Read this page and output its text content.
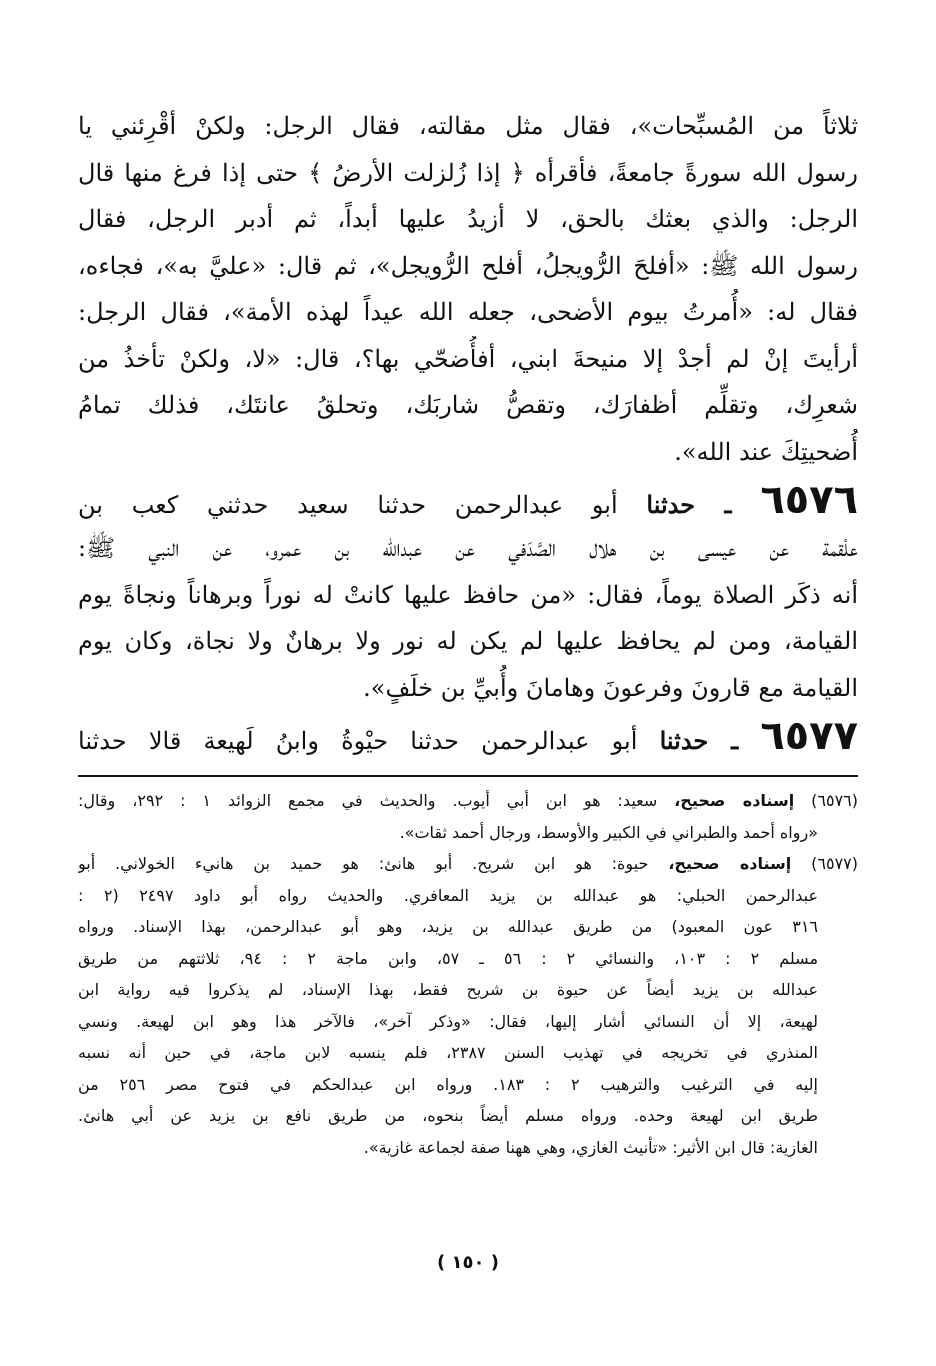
ثلاثاً من المُسبِّحات»، فقال مثل مقالته، فقال الرجل: ولكنْ أقْرِئني يا
رسول الله سورةً جامعةً، فأقرأه ﴿ إذا زُلزلت الأرضُ ﴾ حتى إذا فرغ منها قال
الرجل: والذي بعثك بالحق، لا أزيدُ عليها أبداً، ثم أدبر الرجل، فقال
رسول الله ﷺ: «أفلحَ الرُّويجلُ، أفلح الرُّويجل»، ثم قال: «عليَّ به»، فجاءه،
فقال له: «أُمرتُ بيوم الأضحى، جعله الله عيداً لهذه الأمة»، فقال الرجل:
أرأيتَ إنْ لم أجدْ إلا منيحةَ ابني، أفأُضحّي بها؟، قال: «لا، ولكنْ تأخذُ من
شعرِك، وتقلِّم أظفارَك، وتقصُّ شاربَك، وتحلقُ عانتَك، فذلك تمامُ
أُضحيتِكَ عند الله».
٦٥٧٦ ـ حدثنا أبو عبدالرحمن حدثنا سعيد حدثني كعب بن
علْقمة عن عيسى بن هلال الصَّدَفي عن عبدالله بن عمرو، عن النبي ﷺ:
أنه ذكَر الصلاة يوماً، فقال: «من حافظ عليها كانتْ له نوراً وبرهاناً ونجاةً يوم
القيامة، ومن لم يحافظ عليها لم يكن له نور ولا برهانٌ ولا نجاة، وكان يوم
القيامة مع قارونَ وفرعونَ وهامانَ وأُبيِّ بن خلَفٍ».
٦٥٧٧ ـ حدثنا أبو عبدالرحمن حدثنا حيْوةُ وابنُ لَهيعة قالا حدثنا
(٦٥٧٦) إسناده صحيح، سعيد: هو ابن أبي أيوب. والحديث في مجمع الزوائد ١ : ٢٩٢، وقال:
«رواه أحمد والطبراني في الكبير والأوسط، ورجال أحمد ثقات».
(٦٥٧٧) إسناده صحيح، حيوة: هو ابن شريح. أبو هانئ: هو حميد بن هانيء الخولاني. أبو
عبدالرحمن الحبلي: هو عبدالله بن يزيد المعافري. والحديث رواه أبو داود ٢٤٩٧ (٢ :
٣١٦ عون المعبود) من طريق عبدالله بن يزيد، وهو أبو عبدالرحمن، بهذا الإسناد. ورواه
مسلم ٢ : ١٠٣، والنسائي ٢ : ٥٦ ـ ٥٧، وابن ماجة ٢ : ٩٤، ثلاثتهم من طريق
عبدالله بن يزيد أيضاً عن حيوة بن شريح فقط، بهذا الإسناد، لم يذكروا فيه رواية ابن
لهيعة، إلا أن النسائي أشار إليها، فقال: «وذكر آخر»، فالآخر هذا وهو ابن لهيعة. ونسي
المنذري في تخريجه في تهذيب السنن ٢٣٨٧، فلم ينسبه لابن ماجة، في حين أنه نسبه
إليه في الترغيب والترهيب ٢ : ١٨٣. ورواه ابن عبدالحكم في فتوح مصر ٢٥٦ من
طريق ابن لهيعة وحده. ورواه مسلم أيضاً بنحوه، من طريق نافع بن يزيد عن أبي هانئ.
الغازية: قال ابن الأثير: «تأنيث الغازي، وهي ههنا صفة لجماعة غازية».
( ١٥٠ )
